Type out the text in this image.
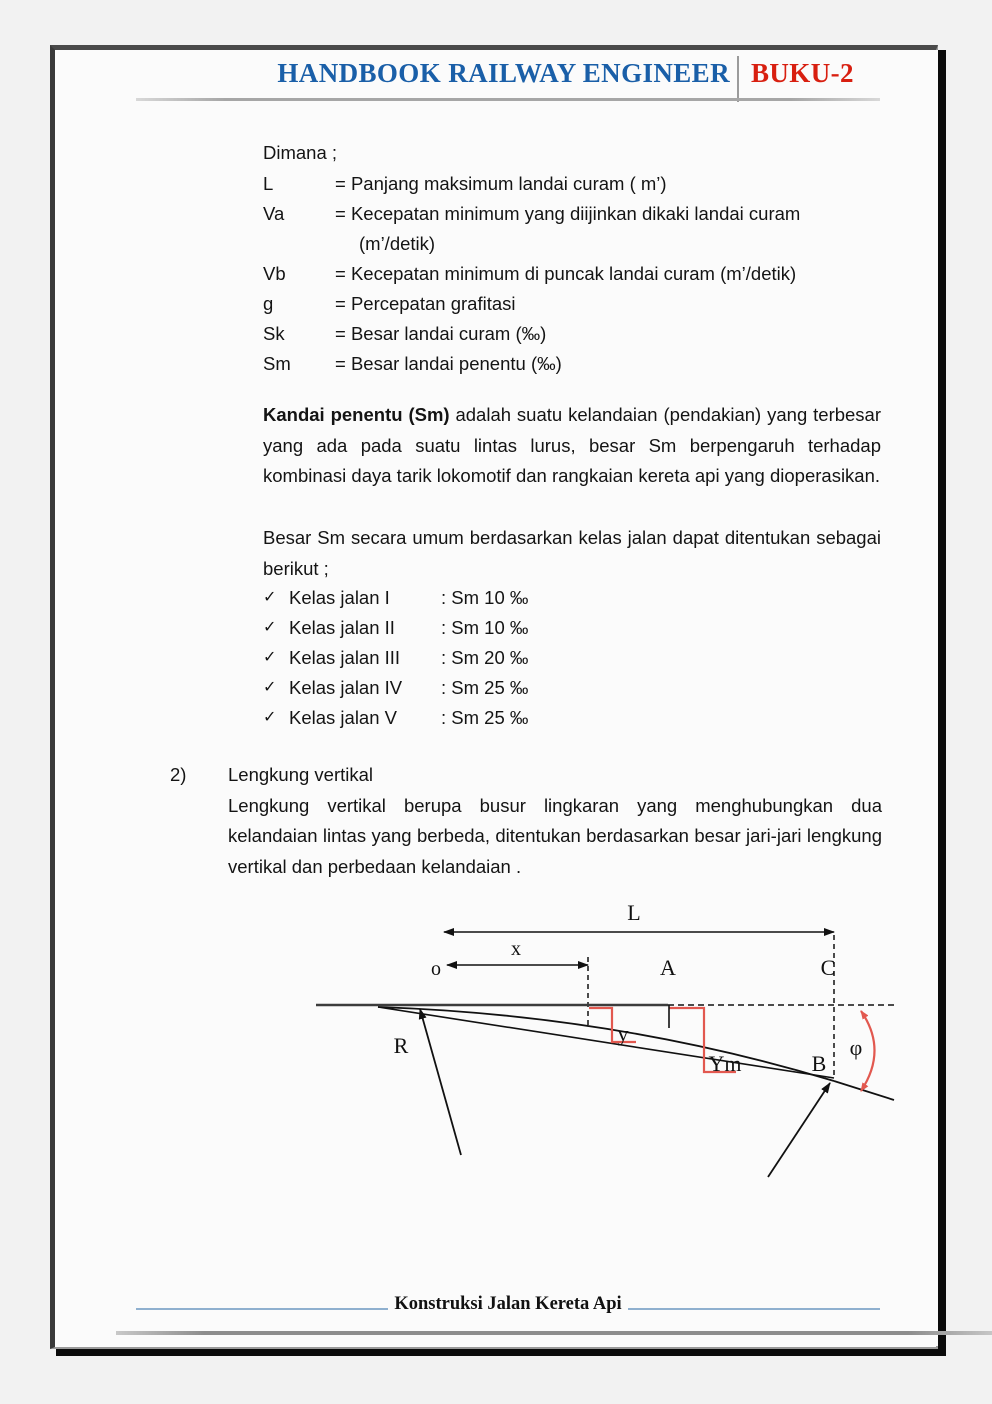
HANDBOOK RAILWAY ENGINEER BUKU-2
Dimana ;
L	= Panjang maksimum landai curam ( m’)
Va	= Kecepatan minimum yang diijinkan dikaki landai curam
(m’/detik)
Vb	= Kecepatan minimum di puncak landai curam (m’/detik)
g	= Percepatan grafitasi
Sk	= Besar landai curam (‰)
Sm	= Besar landai penentu (‰)
Kandai penentu (Sm) adalah suatu kelandaian (pendakian) yang terbesar yang ada pada suatu lintas lurus, besar Sm berpengaruh terhadap kombinasi daya tarik lokomotif dan rangkaian kereta api yang dioperasikan.
Besar Sm secara umum berdasarkan kelas jalan dapat ditentukan sebagai berikut ;
✓ Kelas jalan I	: Sm 10 ‰
✓ Kelas jalan II	: Sm 10 ‰
✓ Kelas jalan III	: Sm 20 ‰
✓ Kelas jalan IV	: Sm 25 ‰
✓ Kelas jalan V	: Sm 25 ‰
2)	Lengkung vertikal
Lengkung vertikal berupa busur lingkaran yang menghubungkan dua kelandaian lintas yang berbeda, ditentukan berdasarkan besar jari-jari lengkung vertikal dan perbedaan kelandaian .
L
x
o	A	C
B
R	y
Ym
φ
Konstruksi Jalan Kereta Api
